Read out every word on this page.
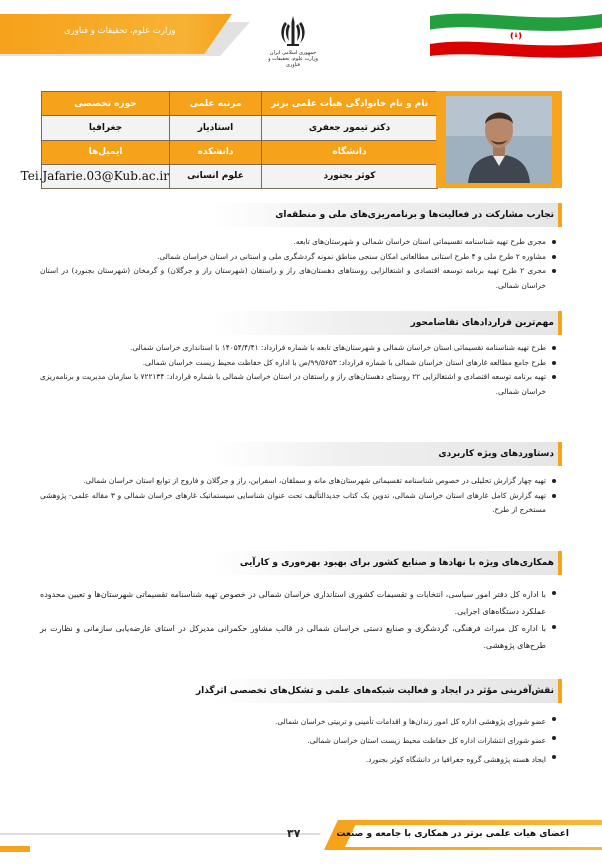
وزارت علوم، تحقیقات و فناوری
جمهوری اسلامی ایران
وزارت علوم، تحقیقات و فناوری
نام و نام خانوادگی هیأت علمی برتر	مرتبه علمی	حوزه تخصصی
دکتر تیمور جعفری	استادیار	جغرافیا
دانشگاه	دانشکده	ایمیل‌ها
کوثر بجنورد	علوم انسانی	Tei.Jafarie.03@Kub.ac.ir
تجارب مشارکت در فعالیت‌ها و برنامه‌ریزی‌های ملی و منطقه‌ای
مجری طرح تهیه شناسنامه تقسیماتی استان خراسان شمالی و شهرستان‌های تابعه.
مشاوره ۲ طرح ملی و ۴ طرح استانی مطالعاتی امکان سنجی مناطق نمونه گردشگری ملی و استانی در استان خراسان شمالی.
مجری ۲ طرح تهیه برنامه توسعه اقتصادی و اشتغالزایی روستاهای دهستان‌های راز و راستقان (شهرستان راز و جرگلان) و گرمخان (شهرستان بجنورد) در استان خراسان شمالی.
مهم‌ترین قراردادهای تقاضامحور
طرح تهیه شناسنامه تقسیماتی استان خراسان شمالی و شهرستان‌های تابعه با شماره قرارداد: ۱۴۰۵۴/۴/۴۱ با استانداری خراسان شمالی.
طرح جامع مطالعه غارهای استان خراسان شمالی با شماره قرارداد: ۹۹/۵۶۵۳/ص با اداره کل حفاظت محیط زیست خراسان شمالی.
تهیه برنامه توسعه اقتصادی و اشتغالزایی ۲۲ روستای دهستان‌های راز و راستقان در استان خراسان شمالی با شماره قرارداد: ۷۲۲۱۳۴ با سازمان مدیریت و برنامه‌ریزی خراسان شمالی.
دستاوردهای ویژه کاربردی
تهیه چهار گزارش تحلیلی در خصوص شناسنامه تقسیماتی شهرستان‌های مانه و سملقان، اسفراین، راز و جرگلان و فاروج از توابع استان خراسان شمالی.
تهیه گزارش کامل غارهای استان خراسان شمالی، تدوین یک کتاب جدیدالتألیف تحت عنوان شناسایی سیستماتیک غارهای خراسان شمالی و ۳ مقاله علمی- پژوهشی مستخرج از طرح.
همکاری‌های ویژه با نهادها و صنایع کشور برای بهبود بهره‌وری و کارآیی
با اداره کل دفتر امور سیاسی، انتخابات و تقسیمات کشوری استانداری خراسان شمالی در خصوص تهیه شناسنامه تقسیماتی شهرستان‌ها و تعیین محدوده عملکرد دستگاه‌های اجرایی.
با اداره کل میراث فرهنگی، گردشگری و صنایع دستی خراسان شمالی در قالب مشاور حکمرانی مدیرکل در استای عارضه‌یابی سازمانی و نظارت بر طرح‌های پژوهشی.
نقش‌آفرینی مؤثر در ایجاد و فعالیت شبکه‌های علمی و تشکل‌های تخصصی اثرگذار
عضو شورای پژوهشی اداره کل امور زندان‌ها و اقدامات تأمینی و تربیتی خراسان شمالی.
عضو شورای انتشارات اداره کل حفاظت محیط زیست استان خراسان شمالی.
ایجاد هسته پژوهشی گروه جغرافیا در دانشگاه کوثر بجنورد.
اعضای هیات علمی برتر در همکاری با جامعه و صنعت
۳۷
